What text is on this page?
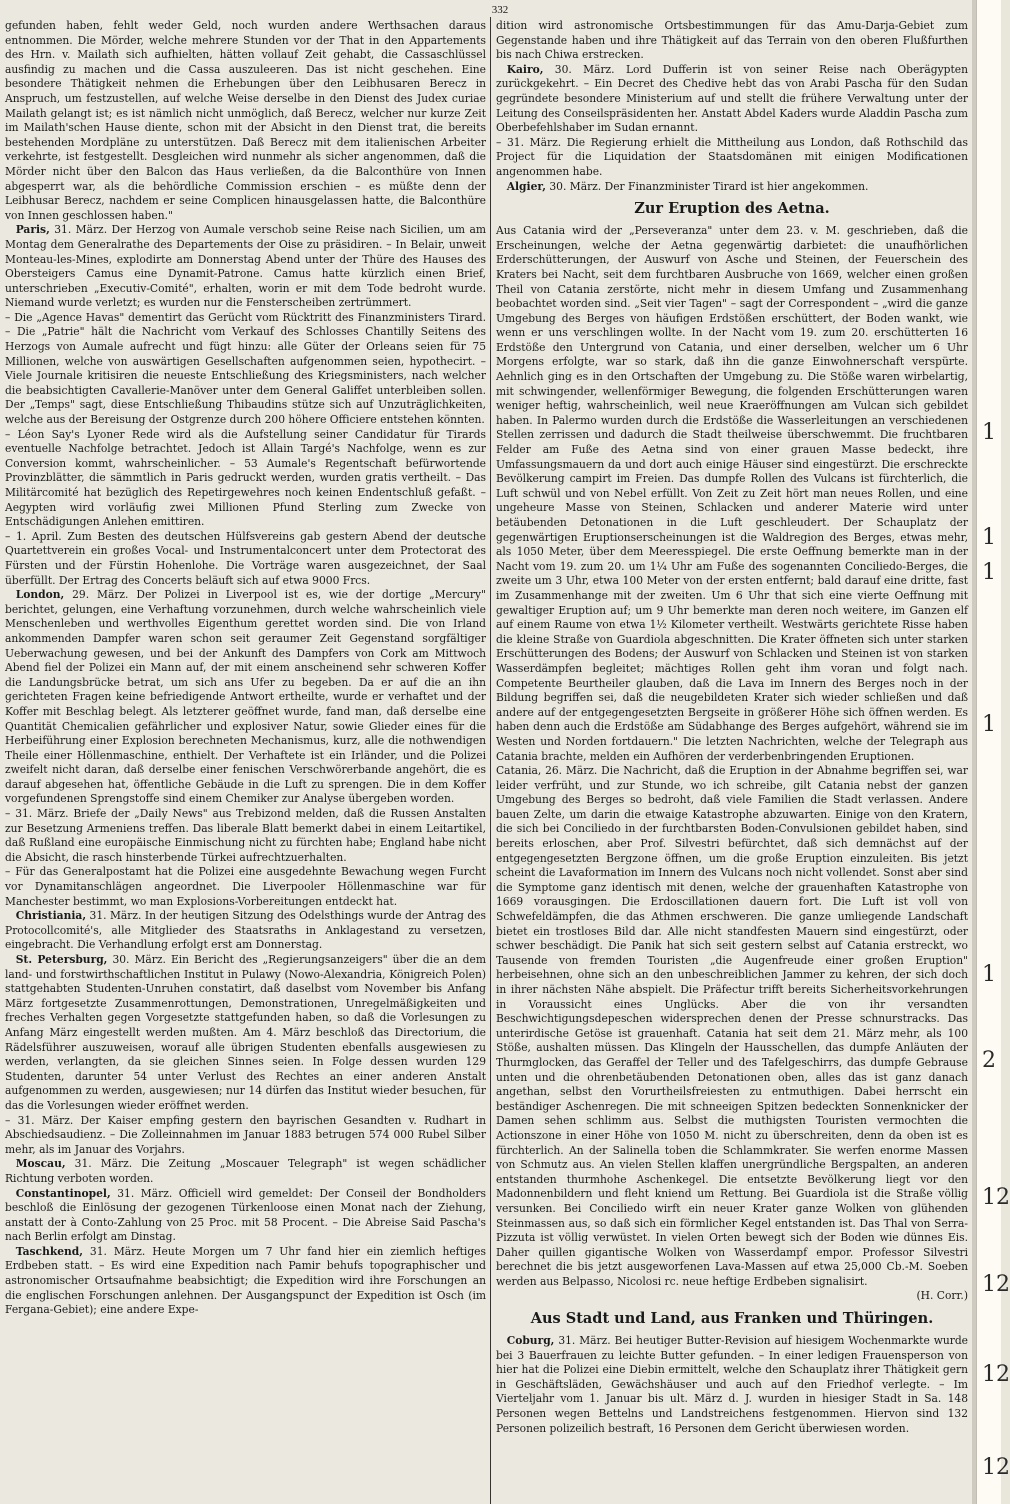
332

gefunden haben, fehlt weder Geld, noch wurden andere Werthsachen daraus entnommen. Die Mörder, welche mehrere Stunden vor der That in den Appartements des Hrn. v. Mailath sich aufhielten, hätten vollauf Zeit gehabt, die Cassaschlüssel ausfindig zu machen und die Cassa auszuleeren. Das ist nicht geschehen. Eine besondere Thätigkeit nehmen die Erhebungen über den Leibhusaren Berecz in Anspruch, um festzustellen, auf welche Weise derselbe in den Dienst des Judex curiae Mailath gelangt ist; es ist nämlich nicht unmöglich, daß Berecz, welcher nur kurze Zeit im Mailath'schen Hause diente, schon mit der Absicht in den Dienst trat, die bereits bestehenden Mordpläne zu unterstützen. Daß Berecz mit dem italienischen Arbeiter verkehrte, ist festgestellt. Desgleichen wird nunmehr als sicher angenommen, daß die Mörder nicht über den Balcon das Haus verließen, da die Balconthüre von Innen abgesperrt war, als die behördliche Commission erschien – es müßte denn der Leibhusar Berecz, nachdem er seine Complicen hinausgelassen hatte, die Balconthüre von Innen geschlossen haben."

 Paris, 31. März. Der Herzog von Aumale verschob seine Reise nach Sicilien, um am Montag dem Generalrathe des Departements der Oise zu präsidiren. – In Belair, unweit Monteau-les-Mines, explodirte am Donnerstag Abend unter der Thüre des Hauses des Obersteigers Camus eine Dynamit-Patrone. Camus hatte kürzlich einen Brief, unterschrieben „Executiv-Comité", erhalten, worin er mit dem Tode bedroht wurde. Niemand wurde verletzt; es wurden nur die Fensterscheiben zertrümmert.

– Die „Agence Havas" dementirt das Gerücht vom Rücktritt des Finanzministers Tirard. – Die „Patrie" hält die Nachricht vom Verkauf des Schlosses Chantilly Seitens des Herzogs von Aumale aufrecht und fügt hinzu: alle Güter der Orleans seien für 75 Millionen, welche von auswärtigen Gesellschaften aufgenommen seien, hypothecirt. – Viele Journale kritisiren die neueste Entschließung des Kriegsministers, nach welcher die beabsichtigten Cavallerie-Manöver unter dem General Galiffet unterbleiben sollen. Der „Temps" sagt, diese Entschließung Thibaudins stütze sich auf Unzuträglichkeiten, welche aus der Bereisung der Ostgrenze durch 200 höhere Officiere entstehen könnten.

– Léon Say's Lyoner Rede wird als die Aufstellung seiner Candidatur für Tirards eventuelle Nachfolge betrachtet. Jedoch ist Allain Targé's Nachfolge, wenn es zur Conversion kommt, wahrscheinlicher. – 53 Aumale's Regentschaft befürwortende Provinzblätter, die sämmtlich in Paris gedruckt werden, wurden gratis vertheilt. – Das Militärcomité hat bezüglich des Repetirgewehres noch keinen Endentschluß gefaßt. – Aegypten wird vorläufig zwei Millionen Pfund Sterling zum Zwecke von Entschädigungen Anlehen emittiren.

– 1. April. Zum Besten des deutschen Hülfsvereins gab gestern Abend der deutsche Quartettverein ein großes Vocal- und Instrumentalconcert unter dem Protectorat des Fürsten und der Fürstin Hohenlohe. Die Vorträge waren ausgezeichnet, der Saal überfüllt. Der Ertrag des Concerts beläuft sich auf etwa 9000 Frcs.

 London, 29. März. Der Polizei in Liverpool ist es, wie der dortige „Mercury" berichtet, gelungen, eine Verhaftung vorzunehmen, durch welche wahrscheinlich viele Menschenleben und werthvolles Eigenthum gerettet worden sind. Die von Irland ankommenden Dampfer waren schon seit geraumer Zeit Gegenstand sorgfältiger Ueberwachung gewesen, und bei der Ankunft des Dampfers von Cork am Mittwoch Abend fiel der Polizei ein Mann auf, der mit einem anscheinend sehr schweren Koffer die Landungsbrücke betrat, um sich ans Ufer zu begeben. Da er auf die an ihn gerichteten Fragen keine befriedigende Antwort ertheilte, wurde er verhaftet und der Koffer mit Beschlag belegt. Als letzterer geöffnet wurde, fand man, daß derselbe eine Quantität Chemicalien gefährlicher und explosiver Natur, sowie Glieder eines für die Herbeiführung einer Explosion berechneten Mechanismus, kurz, alle die nothwendigen Theile einer Höllenmaschine, enthielt. Der Verhaftete ist ein Irländer, und die Polizei zweifelt nicht daran, daß derselbe einer fenischen Verschwörerbande angehört, die es darauf abgesehen hat, öffentliche Gebäude in die Luft zu sprengen. Die in dem Koffer vorgefundenen Sprengstoffe sind einem Chemiker zur Analyse übergeben worden.

– 31. März. Briefe der „Daily News" aus Trebizond melden, daß die Russen Anstalten zur Besetzung Armeniens treffen. Das liberale Blatt bemerkt dabei in einem Leitartikel, daß Rußland eine europäische Einmischung nicht zu fürchten habe; England habe nicht die Absicht, die rasch hinsterbende Türkei aufrechtzuerhalten.

– Für das Generalpostamt hat die Polizei eine ausgedehnte Bewachung wegen Furcht vor Dynamitanschlägen angeordnet. Die Liverpooler Höllenmaschine war für Manchester bestimmt, wo man Explosions-Vorbereitungen entdeckt hat.

 Christiania, 31. März. In der heutigen Sitzung des Odelsthings wurde der Antrag des Protocollcomité's, alle Mitglieder des Staatsraths in Anklagestand zu versetzen, eingebracht. Die Verhandlung erfolgt erst am Donnerstag.

 St. Petersburg, 30. März. Ein Bericht des „Regierungsanzeigers" über die an dem land- und forstwirthschaftlichen Institut in Pulawy (Nowo-Alexandria, Königreich Polen) stattgehabten Studenten-Unruhen constatirt, daß daselbst vom November bis Anfang März fortgesetzte Zusammenrottungen, Demonstrationen, Unregelmäßigkeiten und freches Verhalten gegen Vorgesetzte stattgefunden haben, so daß die Vorlesungen zu Anfang März eingestellt werden mußten. Am 4. März beschloß das Directorium, die Rädelsführer auszuweisen, worauf alle übrigen Studenten ebenfalls ausgewiesen zu werden, verlangten, da sie gleichen Sinnes seien. In Folge dessen wurden 129 Studenten, darunter 54 unter Verlust des Rechtes an einer anderen Anstalt aufgenommen zu werden, ausgewiesen; nur 14 dürfen das Institut wieder besuchen, für das die Vorlesungen wieder eröffnet werden.

– 31. März. Der Kaiser empfing gestern den bayrischen Gesandten v. Rudhart in Abschiedsaudienz. – Die Zolleinnahmen im Januar 1883 betrugen 574 000 Rubel Silber mehr, als im Januar des Vorjahrs.

 Moscau, 31. März. Die Zeitung „Moscauer Telegraph" ist wegen schädlicher Richtung verboten worden.

 Constantinopel, 31. März. Officiell wird gemeldet: Der Conseil der Bondholders beschloß die Einlösung der gezogenen Türkenloose einen Monat nach der Ziehung, anstatt der à Conto-Zahlung von 25 Proc. mit 58 Procent. – Die Abreise Said Pascha's nach Berlin erfolgt am Dinstag.

 Taschkend, 31. März. Heute Morgen um 7 Uhr fand hier ein ziemlich heftiges Erdbeben statt. – Es wird eine Expedition nach Pamir behufs topographischer und astronomischer Ortsaufnahme beabsichtigt; die Expedition wird ihre Forschungen an die englischen Forschungen anlehnen. Der Ausgangspunct der Expedition ist Osch (im Fergana-Gebiet); eine andere Expe-

dition wird astronomische Ortsbestimmungen für das Amu-Darja-Gebiet zum Gegenstande haben und ihre Thätigkeit auf das Terrain von den oberen Flußfurthen bis nach Chiwa erstrecken.

 Kairo, 30. März. Lord Dufferin ist von seiner Reise nach Oberägypten zurückgekehrt. – Ein Decret des Chedive hebt das von Arabi Pascha für den Sudan gegründete besondere Ministerium auf und stellt die frühere Verwaltung unter der Leitung des Conseilspräsidenten her. Anstatt Abdel Kaders wurde Aladdin Pascha zum Oberbefehlshaber im Sudan ernannt.

– 31. März. Die Regierung erhielt die Mittheilung aus London, daß Rothschild das Project für die Liquidation der Staatsdomänen mit einigen Modificationen angenommen habe.

 Algier, 30. März. Der Finanzminister Tirard ist hier angekommen.

Zur Eruption des Aetna.

Aus Catania wird der „Perseveranza" unter dem 23. v. M. geschrieben, daß die Erscheinungen, welche der Aetna gegenwärtig darbietet: die unaufhörlichen Erderschütterungen, der Auswurf von Asche und Steinen, der Feuerschein des Kraters bei Nacht, seit dem furchtbaren Ausbruche von 1669, welcher einen großen Theil von Catania zerstörte, nicht mehr in diesem Umfang und Zusammenhang beobachtet worden sind. „Seit vier Tagen" – sagt der Correspondent – „wird die ganze Umgebung des Berges von häufigen Erdstößen erschüttert, der Boden wankt, wie wenn er uns verschlingen wollte. In der Nacht vom 19. zum 20. erschütterten 16 Erdstöße den Untergrund von Catania, und einer derselben, welcher um 6 Uhr Morgens erfolgte, war so stark, daß ihn die ganze Einwohnerschaft verspürte. Aehnlich ging es in den Ortschaften der Umgebung zu. Die Stöße waren wirbelartig, mit schwingender, wellenförmiger Bewegung, die folgenden Erschütterungen waren weniger heftig, wahrscheinlich, weil neue Kraeröffnungen am Vulcan sich gebildet haben. In Palermo wurden durch die Erdstöße die Wasserleitungen an verschiedenen Stellen zerrissen und dadurch die Stadt theilweise überschwemmt. Die fruchtbaren Felder am Fuße des Aetna sind von einer grauen Masse bedeckt, ihre Umfassungsmauern da und dort auch einige Häuser sind eingestürzt. Die erschreckte Bevölkerung campirt im Freien. Das dumpfe Rollen des Vulcans ist fürchterlich, die Luft schwül und von Nebel erfüllt. Von Zeit zu Zeit hört man neues Rollen, und eine ungeheure Masse von Steinen, Schlacken und anderer Materie wird unter betäubenden Detonationen in die Luft geschleudert. Der Schauplatz der gegenwärtigen Eruptionserscheinungen ist die Waldregion des Berges, etwas mehr, als 1050 Meter, über dem Meeresspiegel. Die erste Oeffnung bemerkte man in der Nacht vom 19. zum 20. um 1¼ Uhr am Fuße des sogenannten Conciliedo-Berges, die zweite um 3 Uhr, etwa 100 Meter von der ersten entfernt; bald darauf eine dritte, fast im Zusammenhange mit der zweiten. Um 6 Uhr that sich eine vierte Oeffnung mit gewaltiger Eruption auf; um 9 Uhr bemerkte man deren noch weitere, im Ganzen elf auf einem Raume von etwa 1½ Kilometer vertheilt. Westwärts gerichtete Risse haben die kleine Straße von Guardiola abgeschnitten. Die Krater öffneten sich unter starken Erschütterungen des Bodens; der Auswurf von Schlacken und Steinen ist von starken Wasserdämpfen begleitet; mächtiges Rollen geht ihm voran und folgt nach. Competente Beurtheiler glauben, daß die Lava im Innern des Berges noch in der Bildung begriffen sei, daß die neugebildeten Krater sich wieder schließen und daß andere auf der entgegengesetzten Bergseite in größerer Höhe sich öffnen werden. Es haben denn auch die Erdstöße am Südabhange des Berges aufgehört, während sie im Westen und Norden fortdauern." Die letzten Nachrichten, welche der Telegraph aus Catania brachte, melden ein Aufhören der verderbenbringenden Eruptionen.

Catania, 26. März. Die Nachricht, daß die Eruption in der Abnahme begriffen sei, war leider verfrüht, und zur Stunde, wo ich schreibe, gilt Catania nebst der ganzen Umgebung des Berges so bedroht, daß viele Familien die Stadt verlassen. Andere bauen Zelte, um darin die etwaige Katastrophe abzuwarten. Einige von den Kratern, die sich bei Conciliedo in der furchtbarsten Boden-Convulsionen gebildet haben, sind bereits erloschen, aber Prof. Silvestri befürchtet, daß sich demnächst auf der entgegengesetzten Bergzone öffnen, um die große Eruption einzuleiten. Bis jetzt scheint die Lavaformation im Innern des Vulcans noch nicht vollendet. Sonst aber sind die Symptome ganz identisch mit denen, welche der grauenhaften Katastrophe von 1669 vorausgingen. Die Erdoscillationen dauern fort. Die Luft ist voll von Schwefeldämpfen, die das Athmen erschweren. Die ganze umliegende Landschaft bietet ein trostloses Bild dar. Alle nicht standfesten Mauern sind eingestürzt, oder schwer beschädigt. Die Panik hat sich seit gestern selbst auf Catania erstreckt, wo Tausende von fremden Touristen „die Augenfreude einer großen Eruption" herbeisehnen, ohne sich an den unbeschreiblichen Jammer zu kehren, der sich doch in ihrer nächsten Nähe abspielt. Die Präfectur trifft bereits Sicherheitsvorkehrungen in Voraussicht eines Unglücks. Aber die von ihr versandten Beschwichtigungsdepeschen widersprechen denen der Presse schnurstracks. Das unterirdische Getöse ist grauenhaft. Catania hat seit dem 21. März mehr, als 100 Stöße, aushalten müssen. Das Klingeln der Hausschellen, das dumpfe Anläuten der Thurmglocken, das Geraffel der Teller und des Tafelgeschirrs, das dumpfe Gebrause unten und die ohrenbetäubenden Detonationen oben, alles das ist ganz danach angethan, selbst den Vorurtheilsfreiesten zu entmuthigen. Dabei herrscht ein beständiger Aschenregen. Die mit schneeigen Spitzen bedeckten Sonnenknicker der Damen sehen schlimm aus. Selbst die muthigsten Touristen vermochten die Actionszone in einer Höhe von 1050 M. nicht zu überschreiten, denn da oben ist es fürchterlich. An der Salinella toben die Schlammkrater. Sie werfen enorme Massen von Schmutz aus. An vielen Stellen klaffen unergründliche Bergspalten, an anderen entstanden thurmhohe Aschenkegel. Die entsetzte Bevölkerung liegt vor den Madonnenbildern und fleht kniend um Rettung. Bei Guardiola ist die Straße völlig versunken. Bei Conciliedo wirft ein neuer Krater ganze Wolken von glühenden Steinmassen aus, so daß sich ein förmlicher Kegel entstanden ist. Das Thal von Serra-Pizzuta ist völlig verwüstet. In vielen Orten bewegt sich der Boden wie dünnes Eis. Daher quillen gigantische Wolken von Wasserdampf empor. Professor Silvestri berechnet die bis jetzt ausgeworfenen Lava-Massen auf etwa 25,000 Cb.-M. Soeben werden aus Belpasso, Nicolosi rc. neue heftige Erdbeben signalisirt.

(H. Corr.)

Aus Stadt und Land, aus Franken und Thüringen.

 Coburg, 31. März. Bei heutiger Butter-Revision auf hiesigem Wochenmarkte wurde bei 3 Bauerfrauen zu leichte Butter gefunden. – In einer ledigen Frauensperson von hier hat die Polizei eine Diebin ermittelt, welche den Schauplatz ihrer Thätigkeit gern in Geschäftsläden, Gewächshäuser und auch auf den Friedhof verlegte. – Im Vierteljahr vom 1. Januar bis ult. März d. J. wurden in hiesiger Stadt in Sa. 148 Personen wegen Bettelns und Landstreichens festgenommen. Hiervon sind 132 Personen polizeilich bestraft, 16 Personen dem Gericht überwiesen worden.

1
1
1
1
1
2
12
12
12
12
